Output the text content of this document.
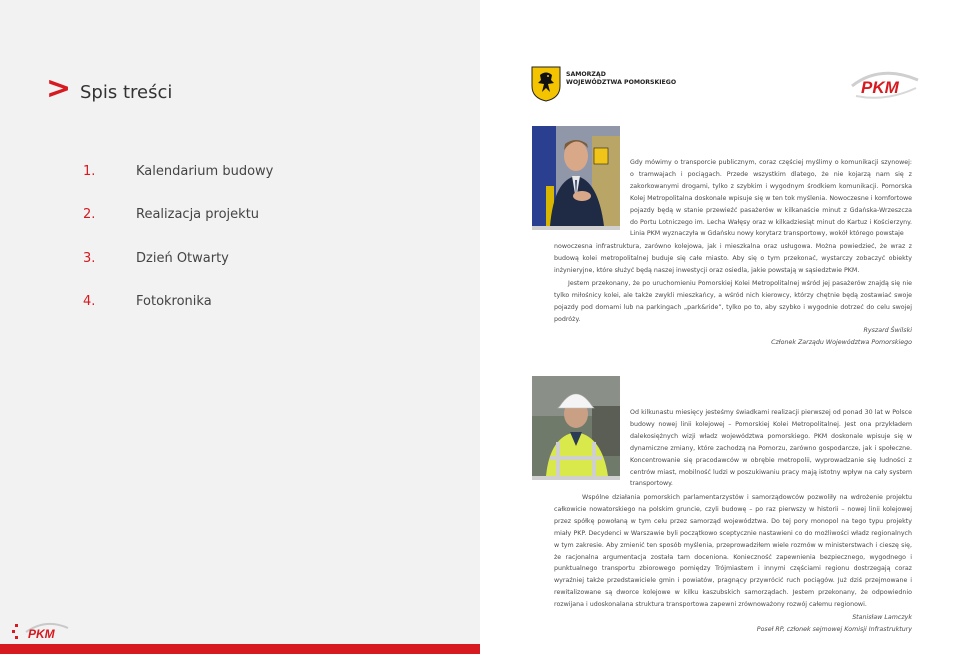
> Spis treści
1.	Kalendarium budowy
2.	Realizacja projektu
3.	Dzień Otwarty
4.	Fotokronika
PKM
SAMORZĄD
WOJEWÓDZTWA POMORSKIEGO	PKM

Gdy mówimy o transporcie publicznym, coraz częściej myślimy o komunikacji szynowej: o tramwajach i pociągach. Przede wszystkim dlatego, że nie kojarzą nam się z zakorkowanymi drogami, tylko z szybkim i wygodnym środkiem komunikacji. Pomorska Kolej Metropolitalna doskonale wpisuje się w ten tok myślenia. Nowoczesne i komfortowe pojazdy będą w stanie przewieźć pasażerów w kilkanaście minut z Gdańska-Wrzeszcza do Portu Lotniczego im. Lecha Wałęsy oraz w kilkadziesiąt minut do Kartuz i Kościerzyny. Linia PKM wyznaczyła w Gdańsku nowy korytarz transportowy, wokół którego powstaje

nowoczesna infrastruktura, zarówno kolejowa, jak i mieszkalna oraz usługowa. Można powiedzieć, że wraz z budową kolei metropolitalnej buduje się całe miasto. Aby się o tym przekonać, wystarczy zobaczyć obiekty inżynieryjne, które służyć będą naszej inwestycji oraz osiedla, jakie powstają w sąsiedztwie PKM.

Jestem przekonany, że po uruchomieniu Pomorskiej Kolei Metropolitalnej wśród jej pasażerów znajdą się nie tylko miłośnicy kolei, ale także zwykli mieszkańcy, a wśród nich kierowcy, którzy chętnie będą zostawiać swoje pojazdy pod domami lub na parkingach „park&ride”, tylko po to, aby szybko i wygodnie dotrzeć do celu swojej podróży.

Ryszard Świlski
Członek Zarządu Województwa Pomorskiego

Od kilkunastu miesięcy jesteśmy świadkami realizacji pierwszej od ponad 30 lat w Polsce budowy nowej linii kolejowej – Pomorskiej Kolei Metropolitalnej. Jest ona przykładem dalekosiężnych wizji władz województwa pomorskiego. PKM doskonale wpisuje się w dynamiczne zmiany, które zachodzą na Pomorzu, zarówno gospodarcze, jak i społeczne. Koncentrowanie się pracodawców w obrębie metropolii, wyprowadzanie się ludności z centrów miast, mobilność ludzi w poszukiwaniu pracy mają istotny wpływ na cały system transportowy.

Wspólne działania pomorskich parlamentarzystów i samorządowców pozwoliły na wdrożenie projektu całkowicie nowatorskiego na polskim gruncie, czyli budowę – po raz pierwszy w historii – nowej linii kolejowej przez spółkę powołaną w tym celu przez samorząd województwa. Do tej pory monopol na tego typu projekty miały PKP. Decydenci w Warszawie byli początkowo sceptycznie nastawieni co do możliwości władz regionalnych w tym zakresie. Aby zmienić ten sposób myślenia, przeprowadziłem wiele rozmów w ministerstwach i cieszę się, że racjonalna argumentacja została tam doceniona. Konieczność zapewnienia bezpiecznego, wygodnego i punktualnego transportu zbiorowego pomiędzy Trójmiastem i innymi częściami regionu dostrzegają coraz wyraźniej także przedstawiciele gmin i powiatów, pragnący przywrócić ruch pociągów. Już dziś przejmowane i rewitalizowane są dworce kolejowe w kilku kaszubskich samorządach. Jestem przekonany, że odpowiednio rozwijana i udoskonalana struktura transportowa zapewni zrównoważony rozwój całemu regionowi.

Stanisław Lamczyk
Poseł RP, członek sejmowej Komisji Infrastruktury
